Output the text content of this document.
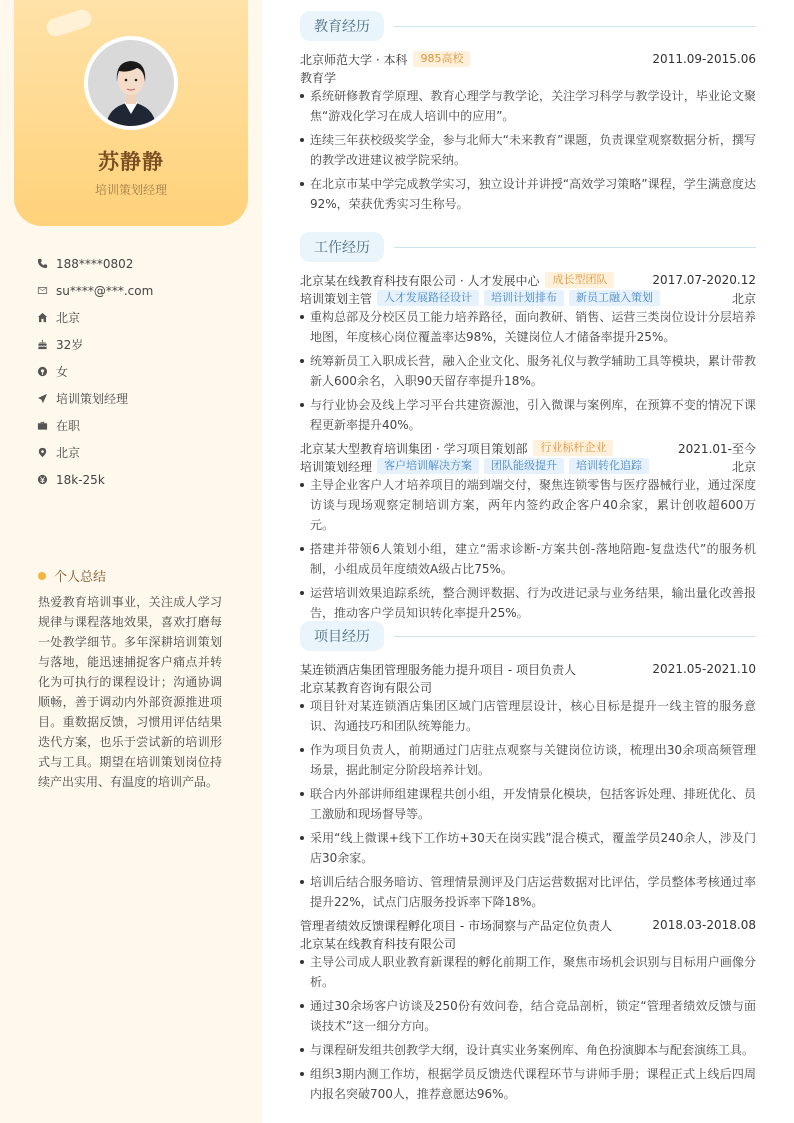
苏静静
培训策划经理
188****0802
su****@***.com
北京
32岁
女
培训策划经理
在职
北京
18k-25k
个人总结
热爱教育培训事业，关注成人学习规律与课程落地效果，喜欢打磨每一处教学细节。多年深耕培训策划与落地，能迅速捕捉客户痛点并转化为可执行的课程设计；沟通协调顺畅，善于调动内外部资源推进项目。重数据反馈，习惯用评估结果迭代方案，也乐于尝试新的培训形式与工具。期望在培训策划岗位持续产出实用、有温度的培训产品。
教育经历
北京师范大学 · 本科	985高校	2011.09-2015.06
教育学
系统研修教育学原理、教育心理学与教学论，关注学习科学与教学设计，毕业论文聚焦“游戏化学习在成人培训中的应用”。
连续三年获校级奖学金，参与北师大“未来教育”课题，负责课堂观察数据分析，撰写的教学改进建议被学院采纳。
在北京市某中学完成教学实习，独立设计并讲授“高效学习策略”课程，学生满意度达92%，荣获优秀实习生称号。
工作经历
北京某在线教育科技有限公司 · 人才发展中心	成长型团队	2017.07-2020.12
培训策划主管	人才发展路径设计	培训计划排布	新员工融入策划	北京
重构总部及分校区员工能力培养路径，面向教研、销售、运营三类岗位设计分层培养地图，年度核心岗位覆盖率达98%，关键岗位人才储备率提升25%。
统筹新员工入职成长营，融入企业文化、服务礼仪与教学辅助工具等模块，累计带教新人600余名，入职90天留存率提升18%。
与行业协会及线上学习平台共建资源池，引入微课与案例库，在预算不变的情况下课程更新率提升40%。
北京某大型教育培训集团 · 学习项目策划部	行业标杆企业	2021.01-至今
培训策划经理	客户培训解决方案	团队能级提升	培训转化追踪	北京
主导企业客户人才培养项目的端到端交付，聚焦连锁零售与医疗器械行业，通过深度访谈与现场观察定制培训方案，两年内签约政企客户40余家，累计创收超600万元。
搭建并带领6人策划小组，建立“需求诊断-方案共创-落地陪跑-复盘迭代”的服务机制，小组成员年度绩效A级占比75%。
运营培训效果追踪系统，整合测评数据、行为改进记录与业务结果，输出量化改善报告，推动客户学员知识转化率提升25%。
项目经历
某连锁酒店集团管理服务能力提升项目 - 项目负责人	2021.05-2021.10
北京某教育咨询有限公司
项目针对某连锁酒店集团区域门店管理层设计，核心目标是提升一线主管的服务意识、沟通技巧和团队统筹能力。
作为项目负责人，前期通过门店驻点观察与关键岗位访谈，梳理出30余项高频管理场景，据此制定分阶段培养计划。
联合内外部讲师组建课程共创小组，开发情景化模块，包括客诉处理、排班优化、员工激励和现场督导等。
采用“线上微课+线下工作坊+30天在岗实践”混合模式，覆盖学员240余人，涉及门店30余家。
培训后结合服务暗访、管理情景测评及门店运营数据对比评估，学员整体考核通过率提升22%，试点门店服务投诉率下降18%。
管理者绩效反馈课程孵化项目 - 市场洞察与产品定位负责人	2018.03-2018.08
北京某在线教育科技有限公司
主导公司成人职业教育新课程的孵化前期工作，聚焦市场机会识别与目标用户画像分析。
通过30余场客户访谈及250份有效问卷，结合竞品剖析，锁定“管理者绩效反馈与面谈技术”这一细分方向。
与课程研发组共创教学大纲，设计真实业务案例库、角色扮演脚本与配套演练工具。
组织3期内测工作坊，根据学员反馈迭代课程环节与讲师手册；课程正式上线后四周内报名突破700人，推荐意愿达96%。
